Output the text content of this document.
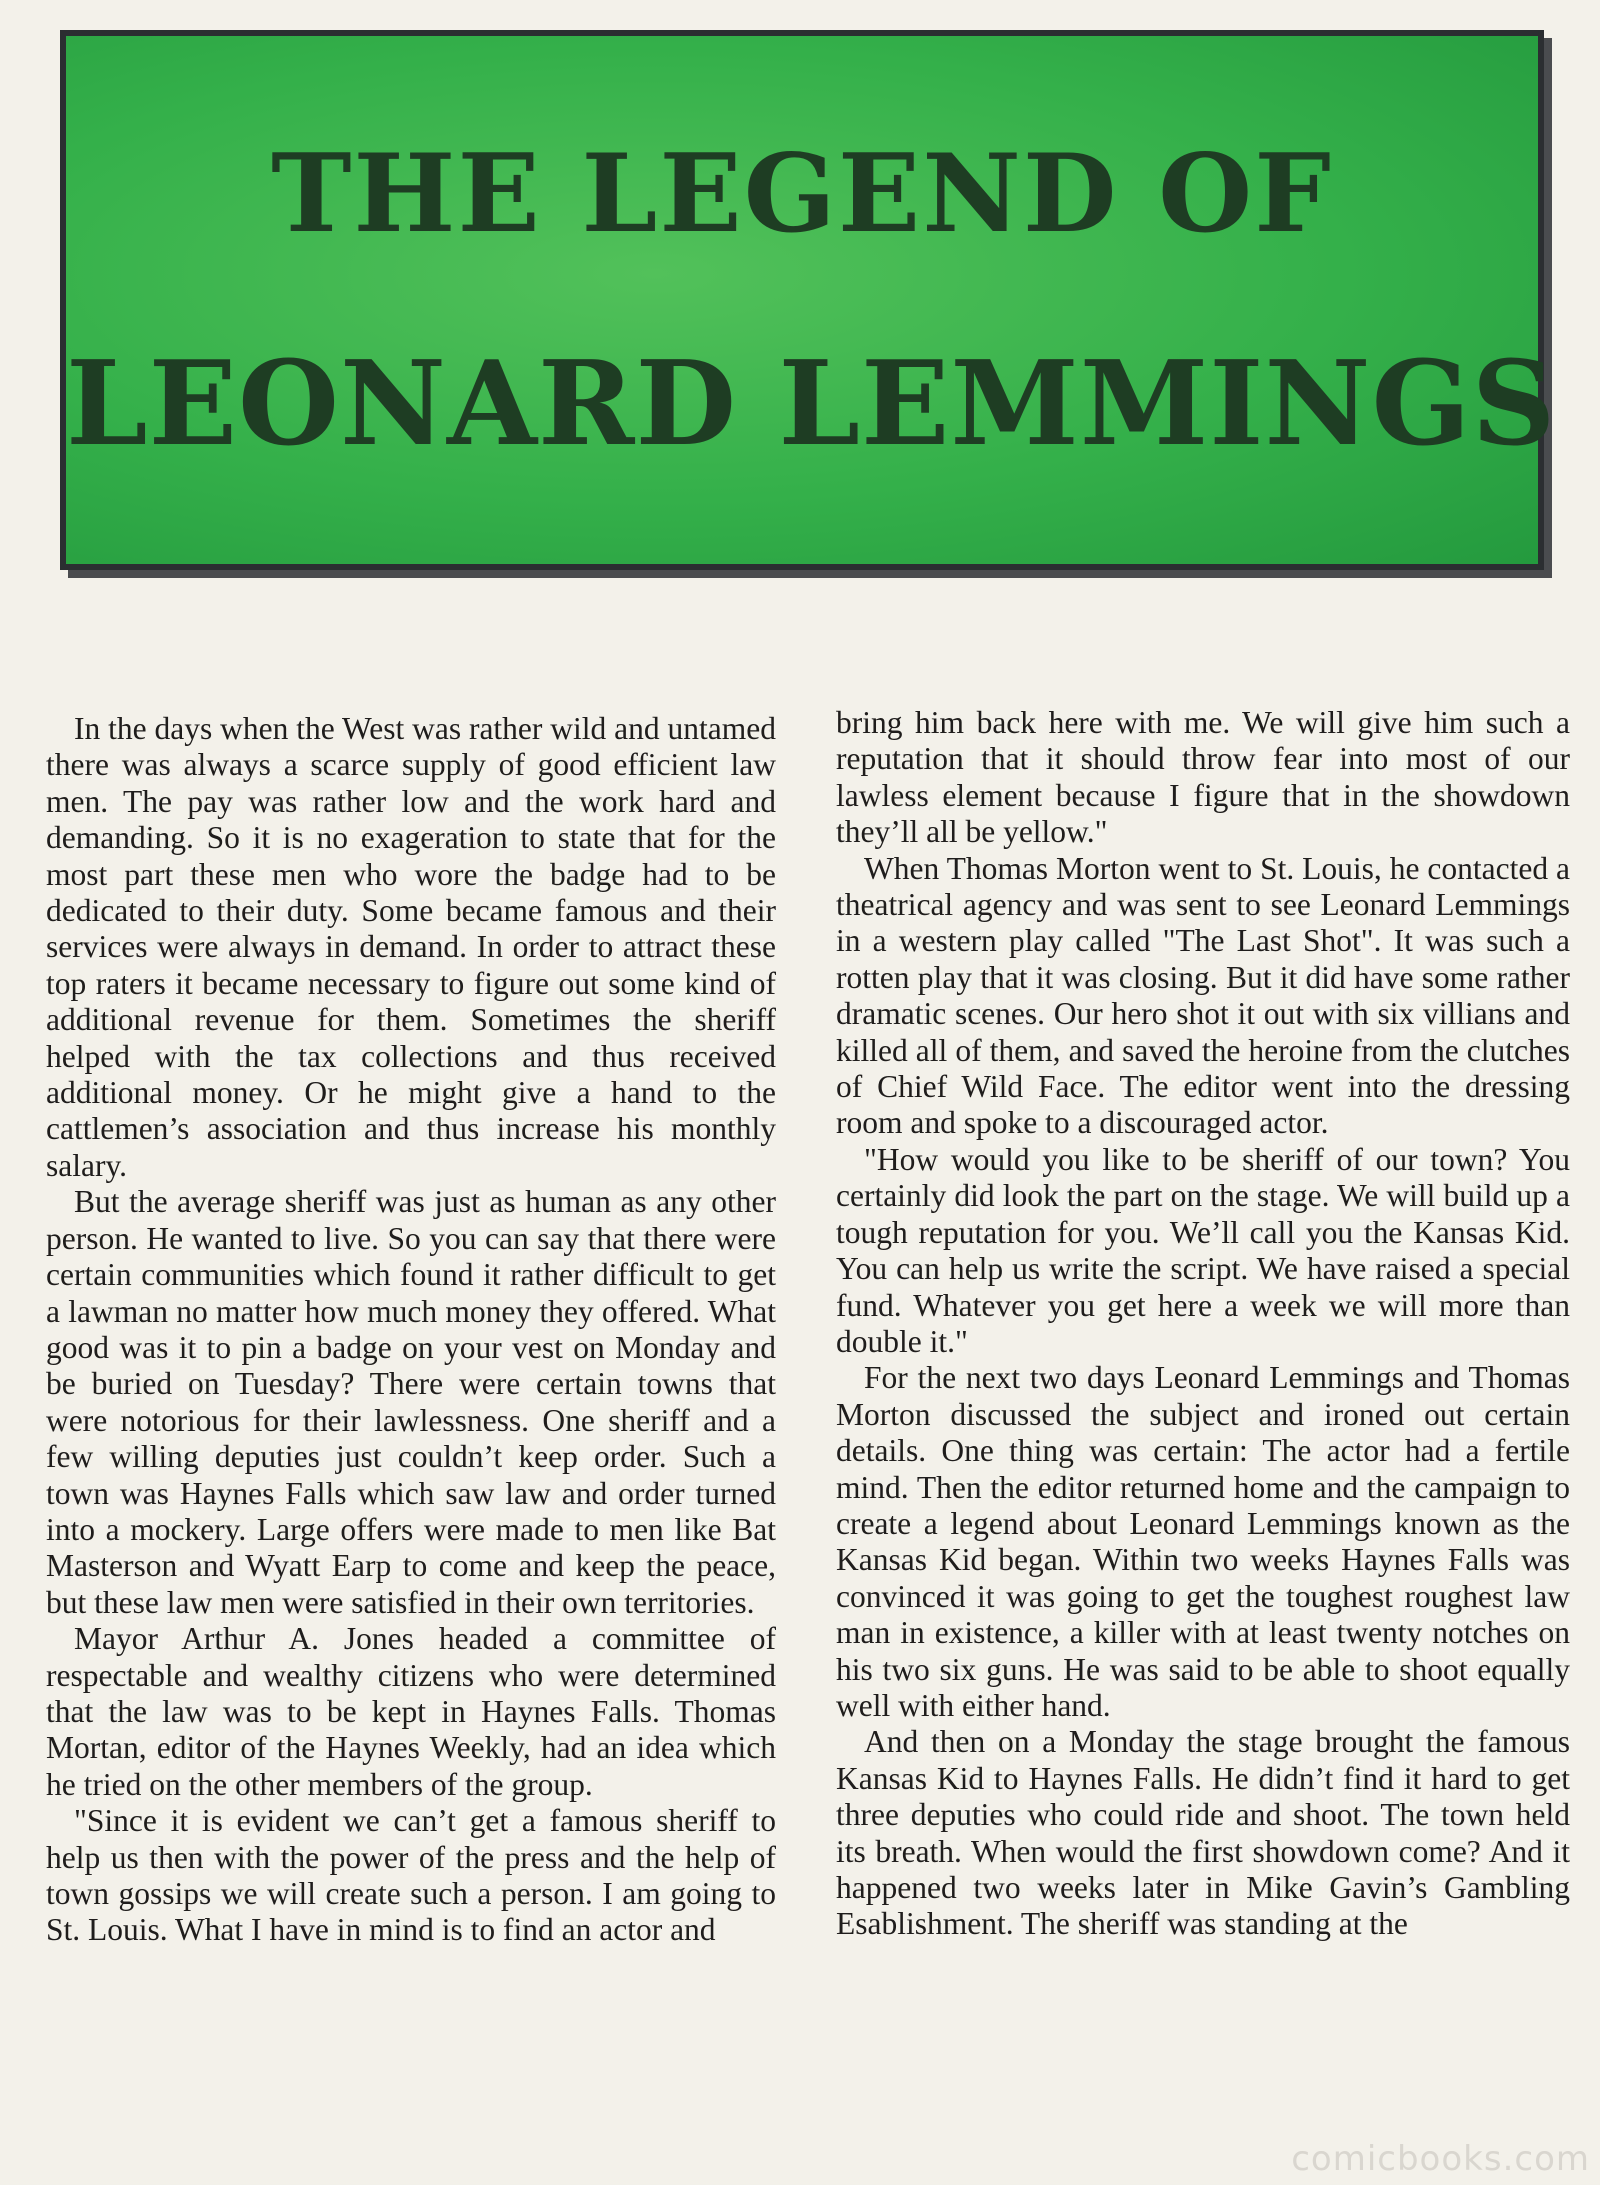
THE LEGEND OF
LEONARD LEMMINGS

In the days when the West was rather wild and untamed there was always a scarce supply of good efficient law men. The pay was rather low and the work hard and demanding. So it is no exageration to state that for the most part these men who wore the badge had to be dedicated to their duty. Some became famous and their services were always in demand. In order to attract these top raters it became necessary to figure out some kind of additional revenue for them. Sometimes the sheriff helped with the tax collections and thus received additional money. Or he might give a hand to the cattlemen’s association and thus increase his monthly salary.

But the average sheriff was just as human as any other person. He wanted to live. So you can say that there were certain communities which found it rather difficult to get a lawman no matter how much money they offered. What good was it to pin a badge on your vest on Monday and be buried on Tuesday? There were certain towns that were notorious for their lawlessness. One sheriff and a few willing deputies just couldn’t keep order. Such a town was Haynes Falls which saw law and order turned into a mockery. Large offers were made to men like Bat Masterson and Wyatt Earp to come and keep the peace, but these law men were satisfied in their own territories.

Mayor Arthur A. Jones headed a committee of respectable and wealthy citizens who were determined that the law was to be kept in Haynes Falls. Thomas Mortan, editor of the Haynes Weekly, had an idea which he tried on the other members of the group.

"Since it is evident we can’t get a famous sheriff to help us then with the power of the press and the help of town gossips we will create such a person. I am going to St. Louis. What I have in mind is to find an actor and

bring him back here with me. We will give him such a reputation that it should throw fear into most of our lawless element because I figure that in the showdown they’ll all be yellow."

When Thomas Morton went to St. Louis, he contacted a theatrical agency and was sent to see Leonard Lemmings in a western play called "The Last Shot". It was such a rotten play that it was closing. But it did have some rather dramatic scenes. Our hero shot it out with six villians and killed all of them, and saved the heroine from the clutches of Chief Wild Face. The editor went into the dressing room and spoke to a discouraged actor.

"How would you like to be sheriff of our town? You certainly did look the part on the stage. We will build up a tough reputation for you. We’ll call you the Kansas Kid. You can help us write the script. We have raised a special fund. Whatever you get here a week we will more than double it."

For the next two days Leonard Lemmings and Thomas Morton discussed the subject and ironed out certain details. One thing was certain: The actor had a fertile mind. Then the editor returned home and the campaign to create a legend about Leonard Lemmings known as the Kansas Kid began. Within two weeks Haynes Falls was convinced it was going to get the toughest roughest law man in existence, a killer with at least twenty notches on his two six guns. He was said to be able to shoot equally well with either hand.

And then on a Monday the stage brought the famous Kansas Kid to Haynes Falls. He didn’t find it hard to get three deputies who could ride and shoot. The town held its breath. When would the first showdown come? And it happened two weeks later in Mike Gavin’s Gambling Esablishment. The sheriff was standing at the

comicbooks.com
